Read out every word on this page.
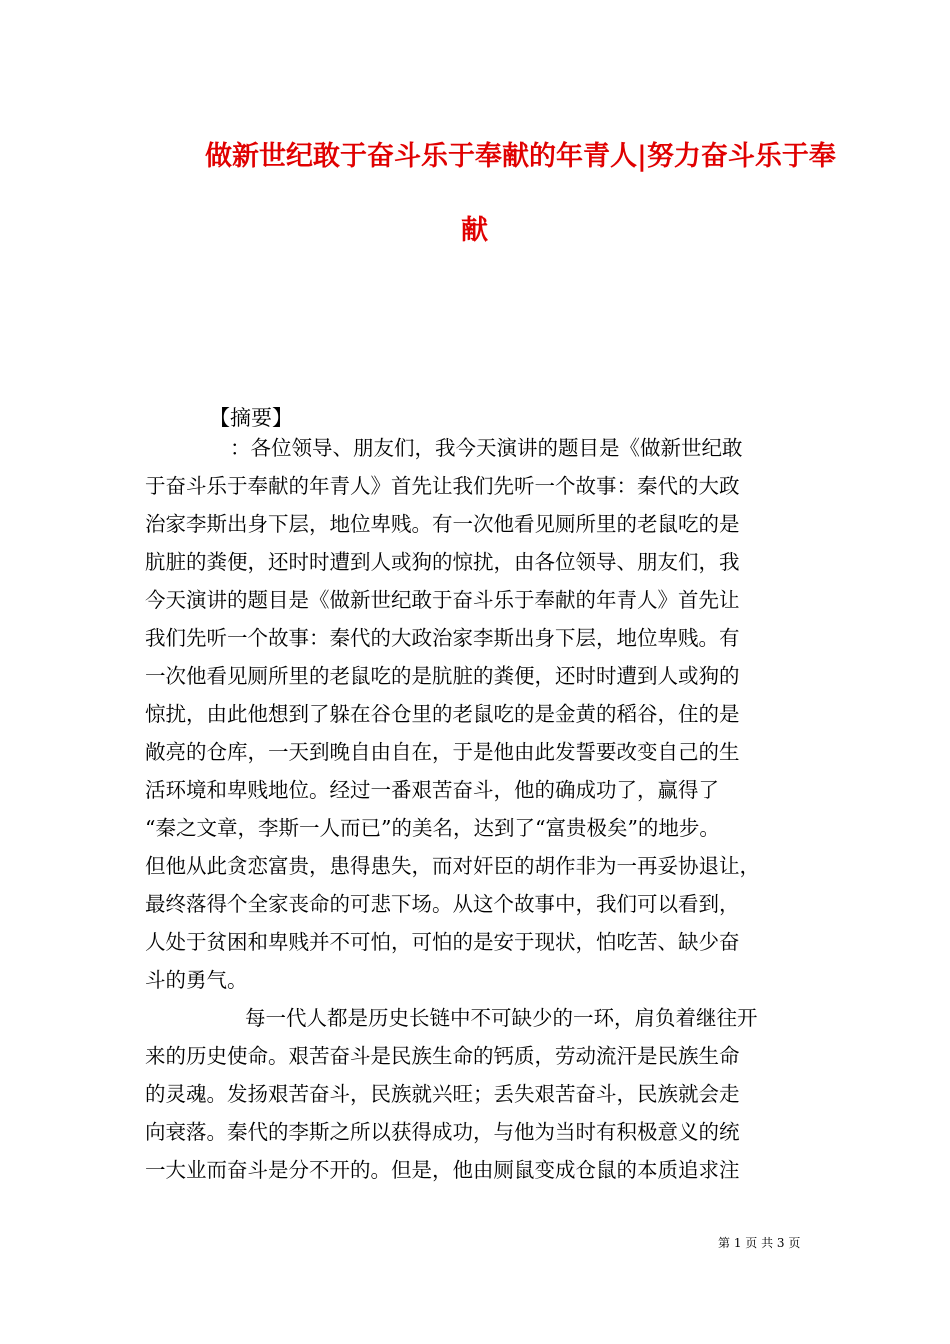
做新世纪敢于奋斗乐于奉献的年青人|努力奋斗乐于奉
献
【摘要】
：各位领导、朋友们，我今天演讲的题目是《做新世纪敢
于奋斗乐于奉献的年青人》首先让我们先听一个故事：秦代的大政
治家李斯出身下层，地位卑贱。有一次他看见厕所里的老鼠吃的是
肮脏的粪便，还时时遭到人或狗的惊扰，由各位领导、朋友们，我
今天演讲的题目是《做新世纪敢于奋斗乐于奉献的年青人》首先让
我们先听一个故事：秦代的大政治家李斯出身下层，地位卑贱。有
一次他看见厕所里的老鼠吃的是肮脏的粪便，还时时遭到人或狗的
惊扰，由此他想到了躲在谷仓里的老鼠吃的是金黄的稻谷，住的是
敞亮的仓库，一天到晚自由自在，于是他由此发誓要改变自己的生
活环境和卑贱地位。经过一番艰苦奋斗，他的确成功了，赢得了
“秦之文章，李斯一人而已”的美名，达到了“富贵极矣”的地步。
但他从此贪恋富贵，患得患失，而对奸臣的胡作非为一再妥协退让，
最终落得个全家丧命的可悲下场。从这个故事中，我们可以看到，
人处于贫困和卑贱并不可怕，可怕的是安于现状，怕吃苦、缺少奋
斗的勇气。
每一代人都是历史长链中不可缺少的一环，肩负着继往开
来的历史使命。艰苦奋斗是民族生命的钙质，劳动流汗是民族生命
的灵魂。发扬艰苦奋斗，民族就兴旺；丢失艰苦奋斗，民族就会走
向衰落。秦代的李斯之所以获得成功，与他为当时有积极意义的统
一大业而奋斗是分不开的。但是，他由厕鼠变成仓鼠的本质追求注
第 1 页 共 3 页
